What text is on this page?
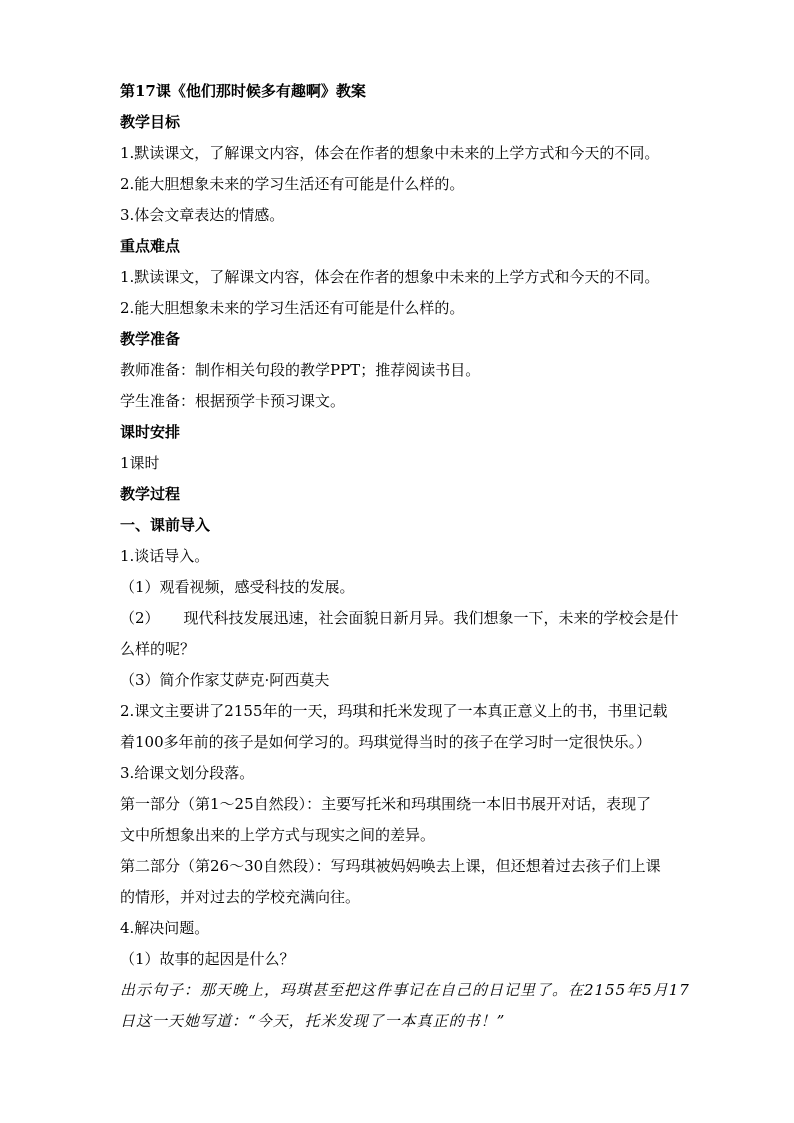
第17课《他们那时候多有趣啊》教案

教学目标

1.默读课文，了解课文内容，体会在作者的想象中未来的上学方式和今天的不同。

2.能大胆想象未来的学习生活还有可能是什么样的。

3.体会文章表达的情感。

重点难点

1.默读课文，了解课文内容，体会在作者的想象中未来的上学方式和今天的不同。

2.能大胆想象未来的学习生活还有可能是什么样的。

教学准备

教师准备：制作相关句段的教学PPT；推荐阅读书目。

学生准备：根据预学卡预习课文。

课时安排

1课时

教学过程

一、课前导入

1.谈话导入。

（1）观看视频，感受科技的发展。

（2） 现代科技发展迅速，社会面貌日新月异。我们想象一下，未来的学校会是什

么样的呢？

（3）简介作家艾萨克·阿西莫夫

2.课文主要讲了2155年的一天，玛琪和托米发现了一本真正意义上的书，书里记载

着100多年前的孩子是如何学习的。玛琪觉得当时的孩子在学习时一定很快乐。）

3.给课文划分段落。

第一部分（第1～25自然段）：主要写托米和玛琪围绕一本旧书展开对话，表现了

文中所想象出来的上学方式与现实之间的差异。

第二部分（第26～30自然段）：写玛琪被妈妈唤去上课，但还想着过去孩子们上课

的情形，并对过去的学校充满向往。

4.解决问题。

（1）故事的起因是什么？

出示句子：那天晚上，玛琪甚至把这件事记在自己的日记里了。在2155年5月17

日这一天她写道：“今天，托米发现了一本真正的书！”
